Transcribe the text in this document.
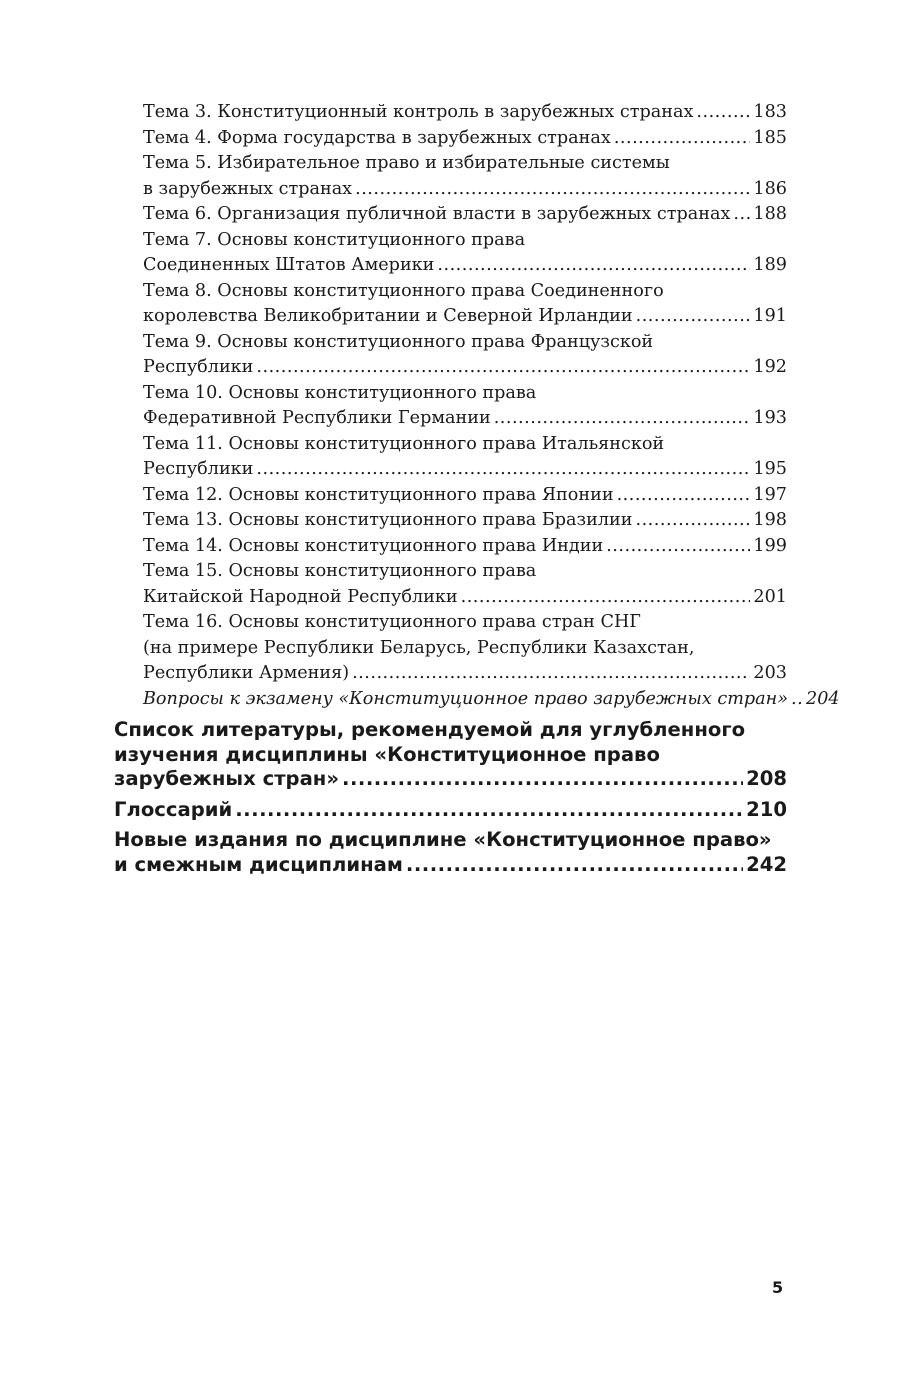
Тема 3. Конституционный контроль в зарубежных странах .....	183
Тема 4. Форма государства в зарубежных странах .....	185
Тема 5. Избирательное право и избирательные системы
в зарубежных странах .....	186
Тема 6. Организация публичной власти в зарубежных странах ..... 188
Тема 7. Основы конституционного права
Соединенных Штатов Америки .....	189
Тема 8. Основы конституционного права Соединенного
королевства Великобритании и Северной Ирландии .....	191
Тема 9. Основы конституционного права Французской
Республики .....	192
Тема 10. Основы конституционного права
Федеративной Республики Германии .....	193
Тема 11. Основы конституционного права Итальянской
Республики .....	195
Тема 12. Основы конституционного права Японии .....	197
Тема 13. Основы конституционного права Бразилии .....	198
Тема 14. Основы конституционного права Индии .....	199
Тема 15. Основы конституционного права
Китайской Народной Республики .....	201
Тема 16. Основы конституционного права стран СНГ
(на примере Республики Беларусь, Республики Казахстан,
Республики Армения) .....	203
Вопросы к экзамену «Конституционное право зарубежных стран» ..... 204
Список литературы, рекомендуемой для углубленного
изучения дисциплины «Конституционное право
зарубежных стран» .....	208
Глоссарий .....	210
Новые издания по дисциплине «Конституционное право»
и смежным дисциплинам .....	242
5
